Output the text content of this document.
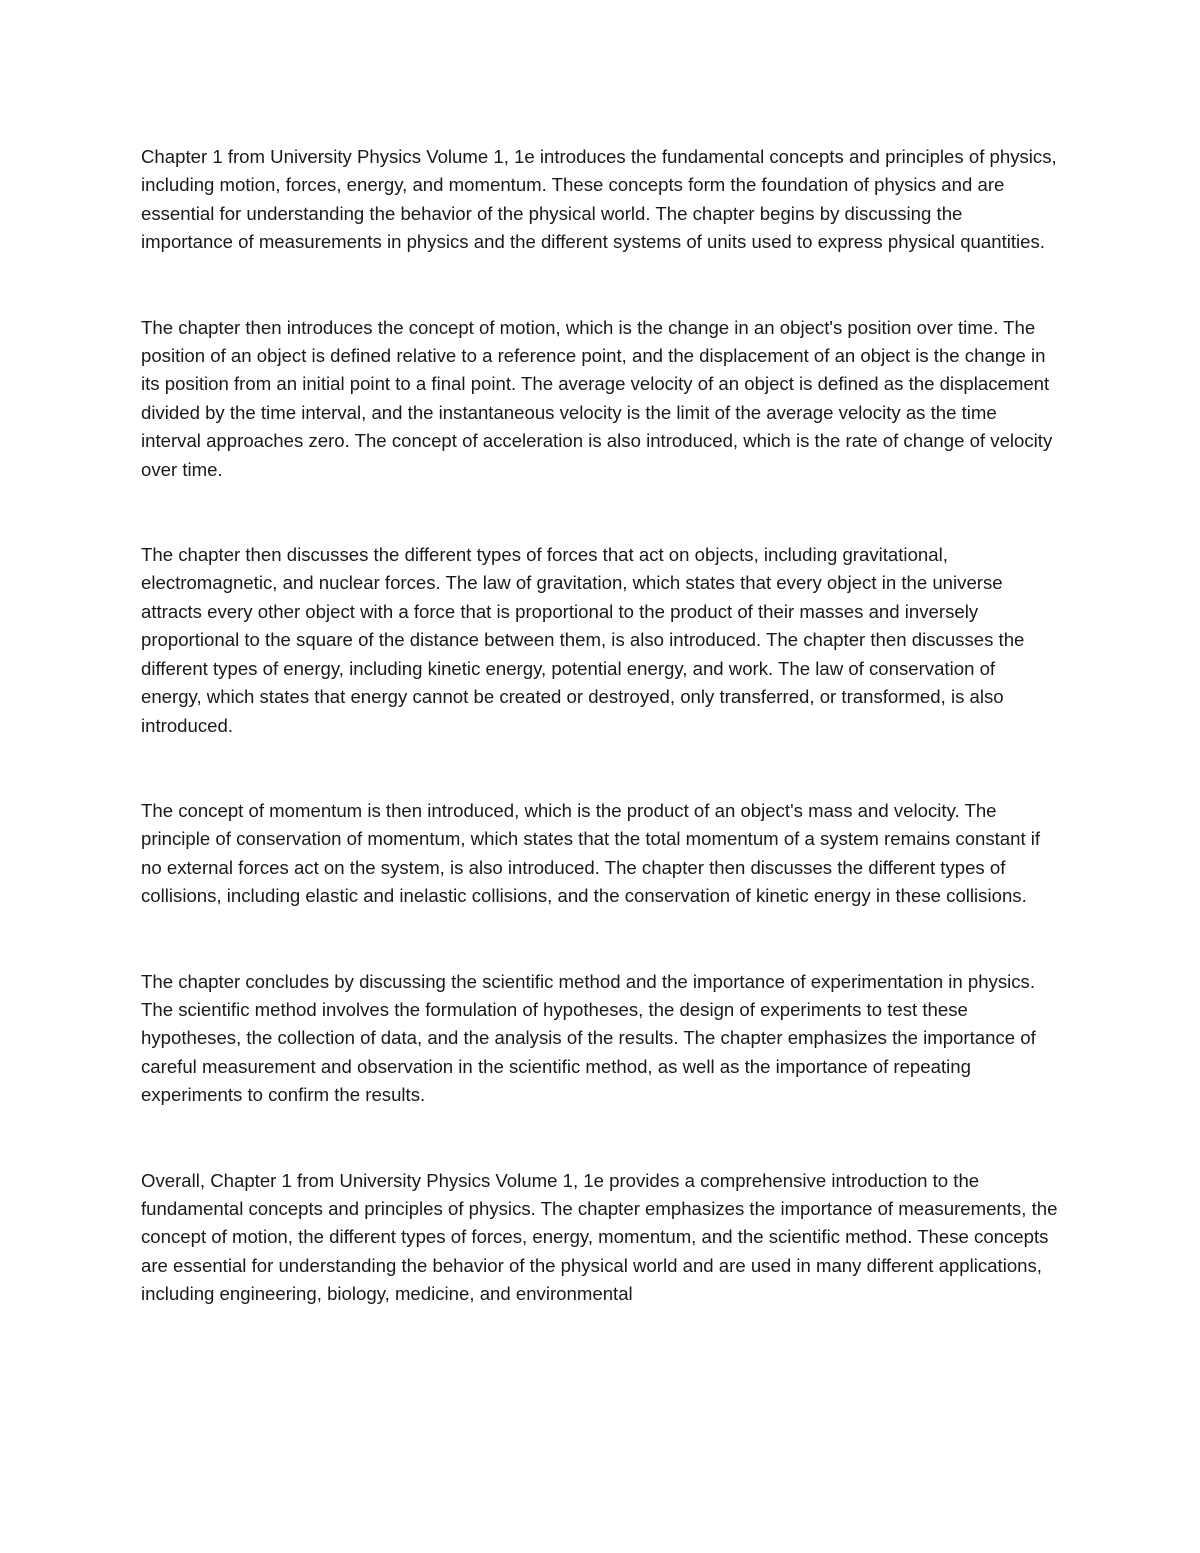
Chapter 1 from University Physics Volume 1, 1e introduces the fundamental concepts and principles of physics, including motion, forces, energy, and momentum. These concepts form the foundation of physics and are essential for understanding the behavior of the physical world. The chapter begins by discussing the importance of measurements in physics and the different systems of units used to express physical quantities.

The chapter then introduces the concept of motion, which is the change in an object's position over time. The position of an object is defined relative to a reference point, and the displacement of an object is the change in its position from an initial point to a final point. The average velocity of an object is defined as the displacement divided by the time interval, and the instantaneous velocity is the limit of the average velocity as the time interval approaches zero. The concept of acceleration is also introduced, which is the rate of change of velocity over time.

The chapter then discusses the different types of forces that act on objects, including gravitational, electromagnetic, and nuclear forces. The law of gravitation, which states that every object in the universe attracts every other object with a force that is proportional to the product of their masses and inversely proportional to the square of the distance between them, is also introduced. The chapter then discusses the different types of energy, including kinetic energy, potential energy, and work. The law of conservation of energy, which states that energy cannot be created or destroyed, only transferred, or transformed, is also introduced.

The concept of momentum is then introduced, which is the product of an object's mass and velocity. The principle of conservation of momentum, which states that the total momentum of a system remains constant if no external forces act on the system, is also introduced. The chapter then discusses the different types of collisions, including elastic and inelastic collisions, and the conservation of kinetic energy in these collisions.

The chapter concludes by discussing the scientific method and the importance of experimentation in physics. The scientific method involves the formulation of hypotheses, the design of experiments to test these hypotheses, the collection of data, and the analysis of the results. The chapter emphasizes the importance of careful measurement and observation in the scientific method, as well as the importance of repeating experiments to confirm the results.

Overall, Chapter 1 from University Physics Volume 1, 1e provides a comprehensive introduction to the fundamental concepts and principles of physics. The chapter emphasizes the importance of measurements, the concept of motion, the different types of forces, energy, momentum, and the scientific method. These concepts are essential for understanding the behavior of the physical world and are used in many different applications, including engineering, biology, medicine, and environmental
